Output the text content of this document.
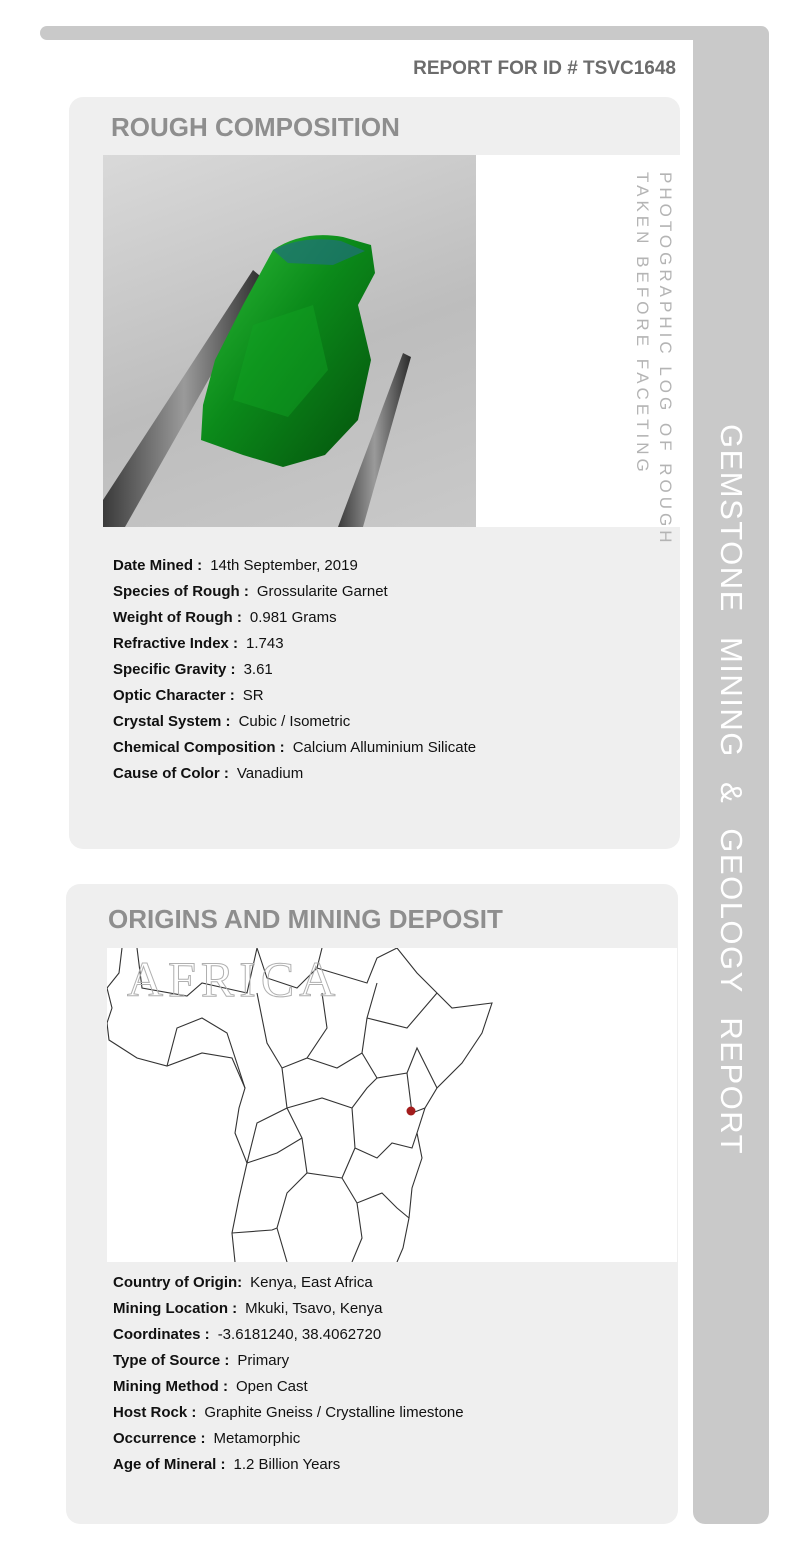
GEMSTONE MINING & GEOLOGY REPORT
REPORT FOR ID # TSVC1648
ROUGH COMPOSITION

PHOTOGRAPHIC LOG OF ROUGH
TAKEN BEFORE FACETING

Date Mined : 14th September, 2019
Species of Rough : Grossularite Garnet
Weight of Rough : 0.981 Grams
Refractive Index : 1.743
Specific Gravity : 3.61
Optic Character : SR
Crystal System : Cubic / Isometric
Chemical Composition : Calcium Alluminium Silicate
Cause of Color : Vanadium
ORIGINS AND MINING DEPOSIT
AFRICA
Country of Origin: Kenya, East Africa
Mining Location : Mkuki, Tsavo, Kenya
Coordinates : -3.6181240, 38.4062720
Type of Source : Primary
Mining Method : Open Cast
Host Rock : Graphite Gneiss / Crystalline limestone
Occurrence : Metamorphic
Age of Mineral : 1.2 Billion Years
